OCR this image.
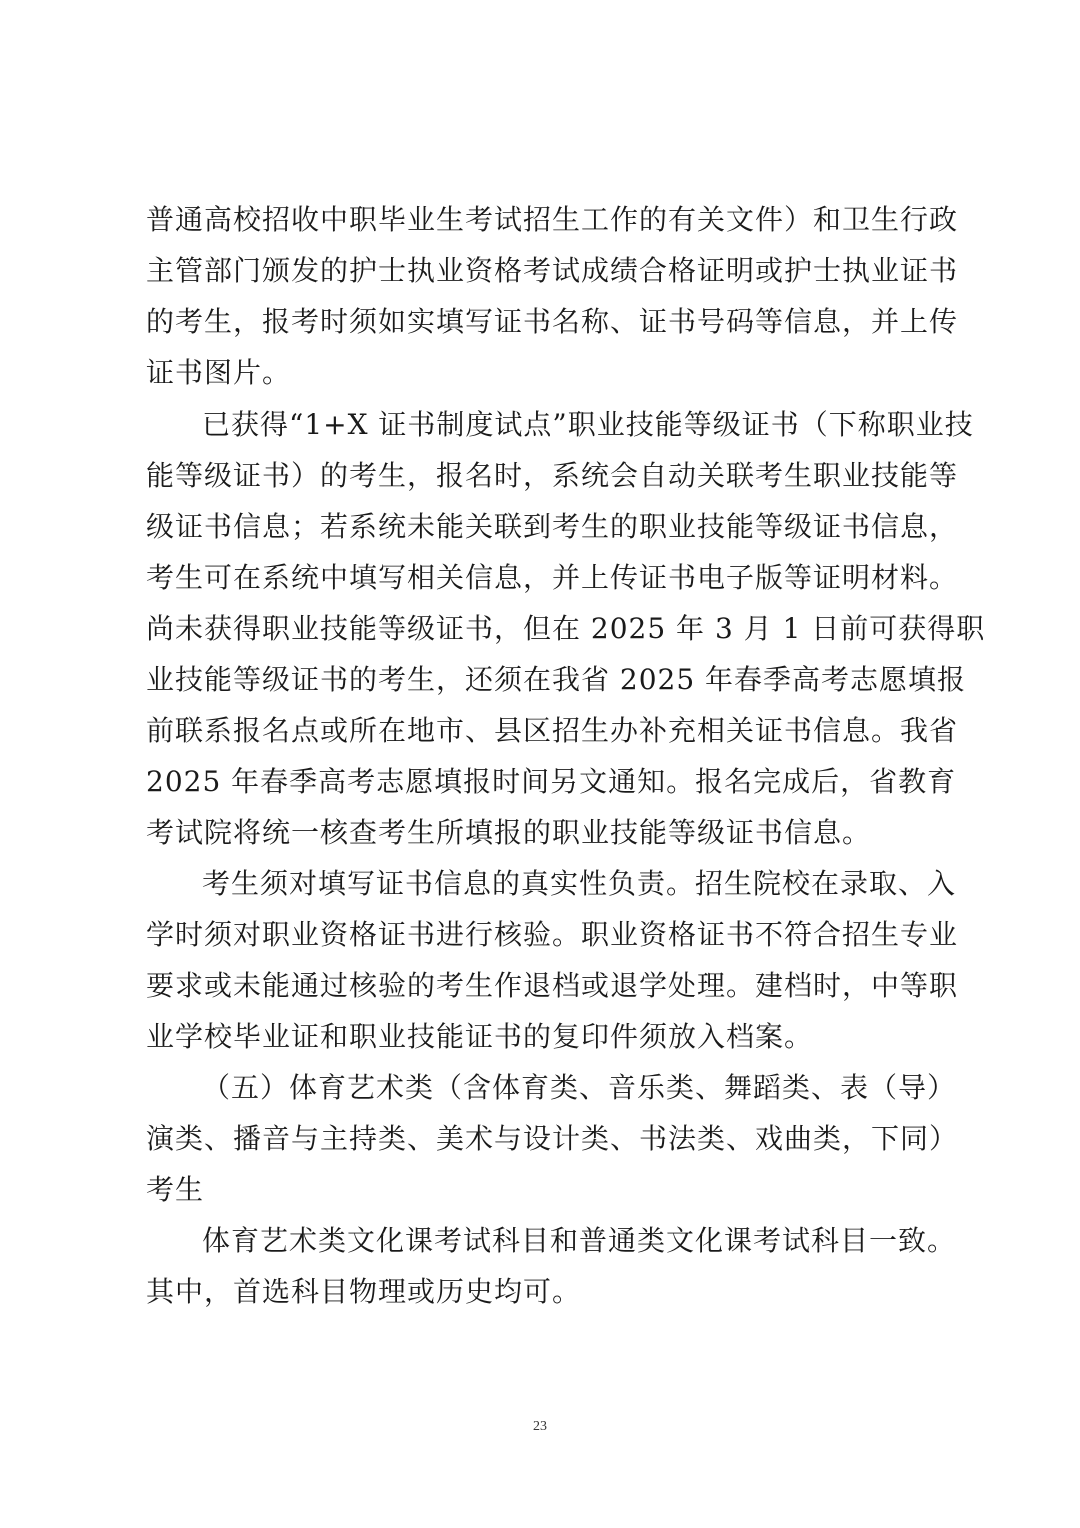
普通高校招收中职毕业生考试招生工作的有关文件）和卫生行政
主管部门颁发的护士执业资格考试成绩合格证明或护士执业证书
的考生，报考时须如实填写证书名称、证书号码等信息，并上传
证书图片。
已获得“1+X 证书制度试点”职业技能等级证书（下称职业技
能等级证书）的考生，报名时，系统会自动关联考生职业技能等
级证书信息；若系统未能关联到考生的职业技能等级证书信息，
考生可在系统中填写相关信息，并上传证书电子版等证明材料。
尚未获得职业技能等级证书，但在 2025 年 3 月 1 日前可获得职
业技能等级证书的考生，还须在我省 2025 年春季高考志愿填报
前联系报名点或所在地市、县区招生办补充相关证书信息。我省
2025 年春季高考志愿填报时间另文通知。报名完成后，省教育
考试院将统一核查考生所填报的职业技能等级证书信息。
考生须对填写证书信息的真实性负责。招生院校在录取、入
学时须对职业资格证书进行核验。职业资格证书不符合招生专业
要求或未能通过核验的考生作退档或退学处理。建档时，中等职
业学校毕业证和职业技能证书的复印件须放入档案。
（五）体育艺术类（含体育类、音乐类、舞蹈类、表（导）
演类、播音与主持类、美术与设计类、书法类、戏曲类，下同）
考生
体育艺术类文化课考试科目和普通类文化课考试科目一致。
其中，首选科目物理或历史均可。
23
